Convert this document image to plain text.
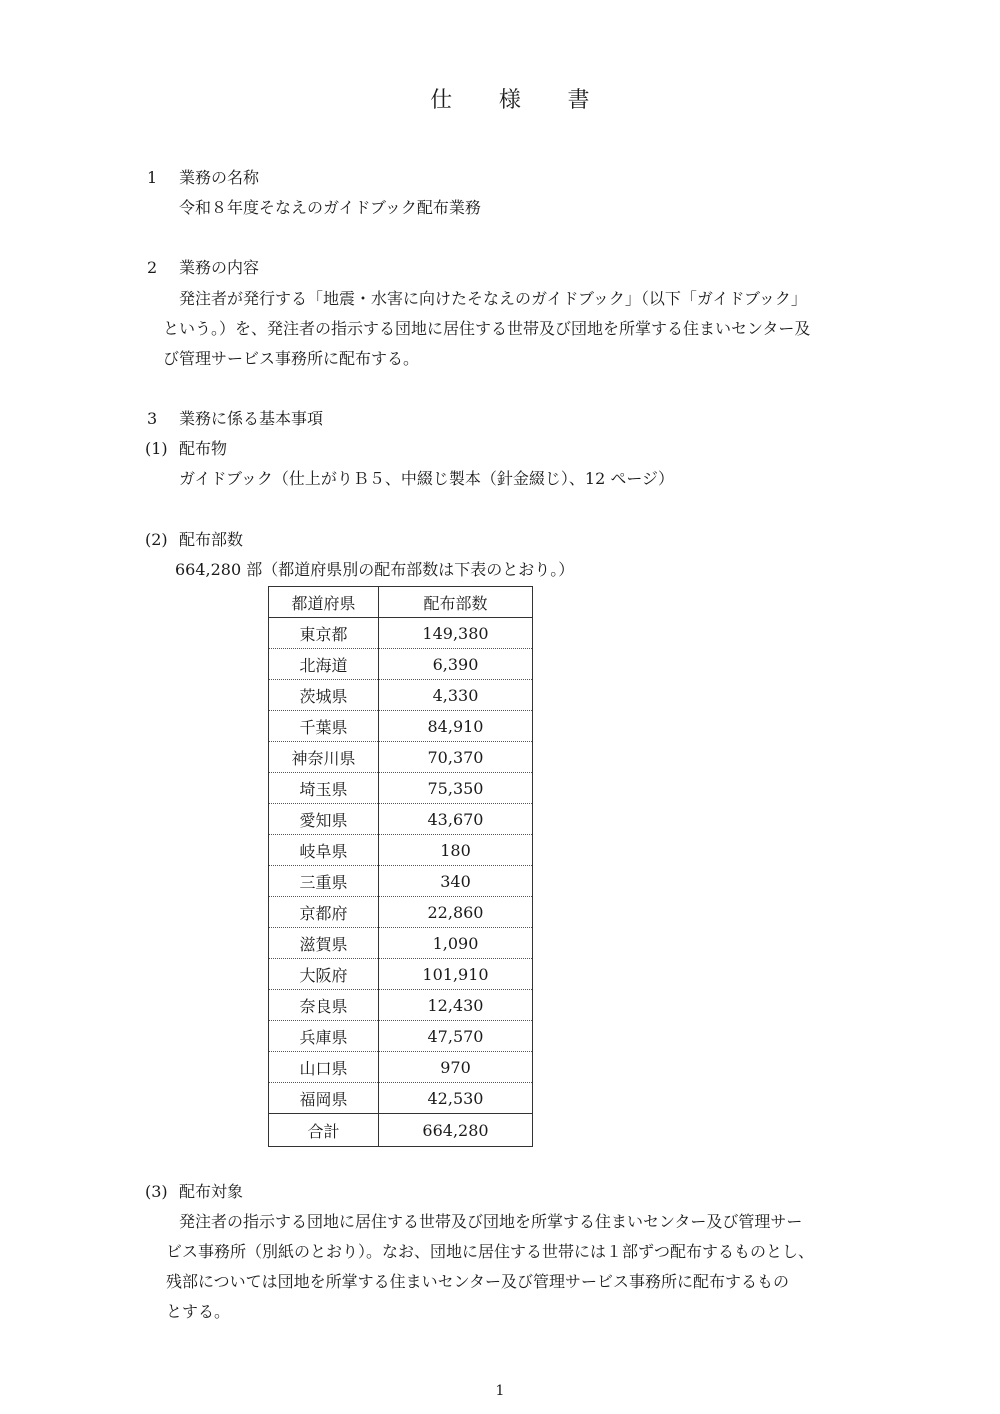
仕 様 書
1 業務の名称
令和８年度そなえのガイドブック配布業務
2 業務の内容
発注者が発行する「地震・水害に向けたそなえのガイドブック」（以下「ガイドブック」
という。）を、発注者の指示する団地に居住する世帯及び団地を所掌する住まいセンター及
び管理サービス事務所に配布する。
3 業務に係る基本事項
(1) 配布物
ガイドブック（仕上がりＢ５、中綴じ製本（針金綴じ）、12 ページ）
(2) 配布部数
664,280 部（都道府県別の配布部数は下表のとおり。）
都道府県	配布部数
東京都	149,380
北海道	6,390
茨城県	4,330
千葉県	84,910
神奈川県	70,370
埼玉県	75,350
愛知県	43,670
岐阜県	180
三重県	340
京都府	22,860
滋賀県	1,090
大阪府	101,910
奈良県	12,430
兵庫県	47,570
山口県	970
福岡県	42,530
合計	664,280
(3) 配布対象
発注者の指示する団地に居住する世帯及び団地を所掌する住まいセンター及び管理サー
ビス事務所（別紙のとおり）。なお、団地に居住する世帯には１部ずつ配布するものとし、
残部については団地を所掌する住まいセンター及び管理サービス事務所に配布するもの
とする。
1
